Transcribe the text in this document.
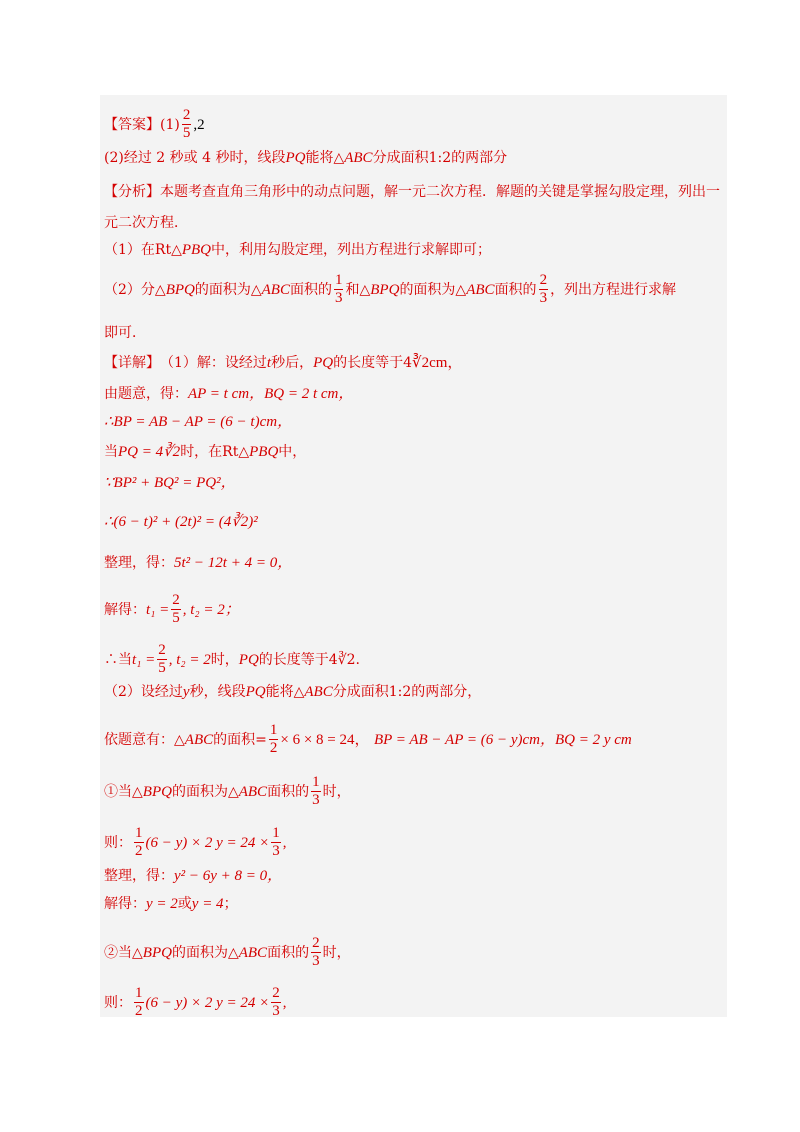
【答案】 $(1) \frac{2}{5} ,2$
(2)经过 2 秒或 4 秒时，线段 PQ 能将△ ABC 分成面积1:2的两部分
【分析】 本题考查直角三角形中的动点问题，解一元二次方程．解题的关键是掌握勾股定理，列出一
元二次方程．
（1）在Rt△ PBQ 中，利用勾股定理，列出方程进行求解即可；
（2）分△ BPQ 的面积为△ ABC 面积的 $\frac{1}{3}$ 和△ BPQ 的面积为△ ABC 面积的 $\frac{2}{3}$ ，列出方程进行求解
即可．
【详解】 （1）解：设经过 t 秒后， PQ 的长度等于4 ∛2cm，
由题意，得： AP = t cm，BQ = 2 t cm，
∴BP = AB − AP = (6 − t)cm，
当 PQ = 4∛2 时，在Rt△ PBQ 中，
∵BP² + BQ² = PQ²，
∴(6 − t)² + (2t)² = (4∛2)²
整理，得： 5t² − 12t + 4 = 0，
解得： $t_1 = \frac{2}{5}$ , t₂ = 2；
∴当 $t_1 = \frac{2}{5}$ , t₂ = 2 时， PQ 的长度等于4∛2.
（2）设经过 y 秒，线段 PQ 能将△ ABC 分成面积1:2的两部分，
依题意有：△ ABC 的面积= $\frac{1}{2} \times 6 \times 8 = 24$，
BP = AB − AP = (6 − y)cm，BQ = 2 y cm
①当△ BPQ 的面积为△ ABC 面积的 $\frac{1}{3}$ 时，
则： $\frac{1}{2} (6 - y) \times 2$ $y = 24 \times \frac{1}{3}$ ,
整理，得： y² − 6y + 8 = 0，
解得： y = 2 或 y = 4 ；
②当△ BPQ 的面积为△ ABC 面积的 $\frac{2}{3}$ 时，
则： $\frac{1}{2} (6 - y) \times 2$ $y = 24 \times \frac{2}{3}$ ,
